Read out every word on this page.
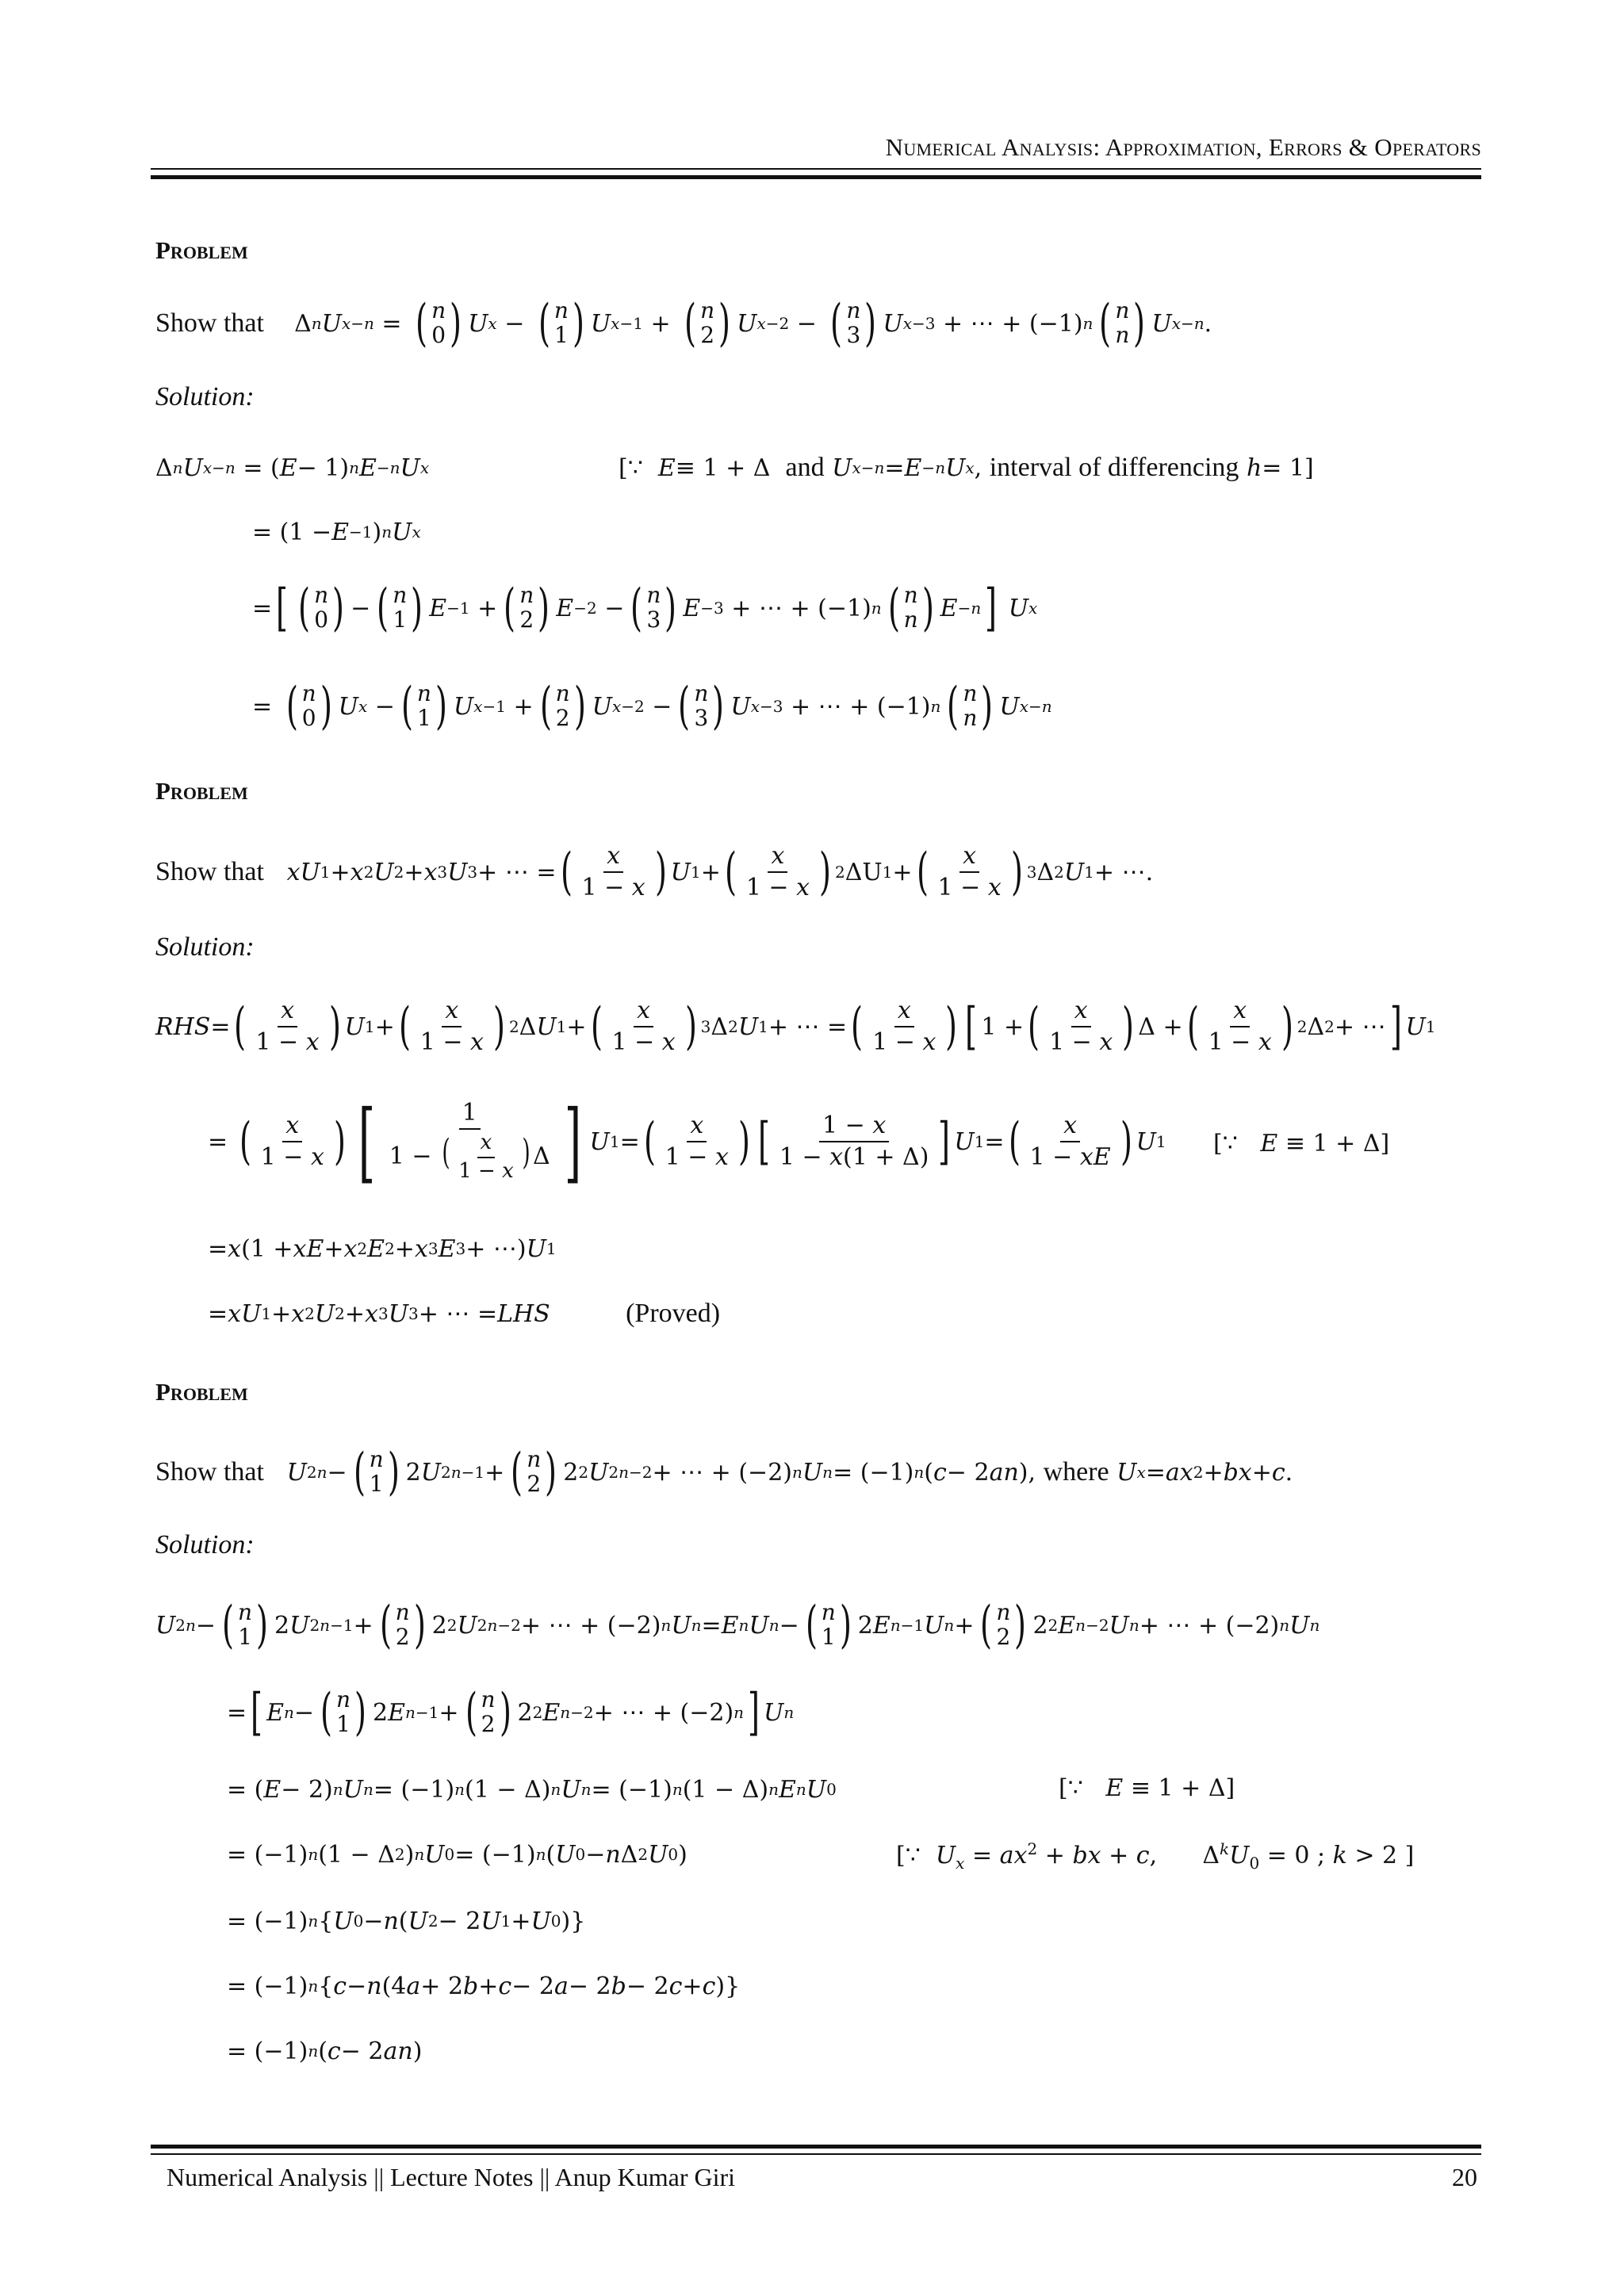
Numerical Analysis: Approximation, Errors & Operators
Problem
Show that Δ n U x−n = ( n
0 ) U x − ( n
1 ) U x−1 + ( n
2 ) U x−2 − ( n
3 ) U x−3 + ⋯ + (−1) n ( n
n ) U x−n .
Solution:
Δ n U x−n = ( E − 1) n E −n U x	[∵ E ≡ 1 + Δ and
U x−n = E −n U x , interval of differencing
h = 1]
= (1 − E −1 ) n U x
= [ ( n
0 ) − ( n
1 ) E −1 + ( n
2 ) E −2 − ( n
3 ) E −3 + ⋯ + (−1) n ( n
n ) E −n ]
U x
= ( n
0 ) U x − ( n
1 ) U x−1 + ( n
2 ) U x−2 − ( n
3 ) U x−3 + ⋯ + (−1) n ( n
n ) U x−n
Problem
Show that
xU 1 + x 2 U 2 + x 3 U 3 + ⋯ = ( $\frac{x}{1 - x}$ ) U 1 + ( $\frac{x}{1 - x}$ ) 2 ΔU 1 + ( $\frac{x}{1 - x}$ ) 3 Δ 2 U 1 + ⋯.
Solution:
RHS = ( $\frac{x}{1 - x}$ ) U 1 + ( $\frac{x}{1 - x}$ ) 2 Δ U 1 + ( $\frac{x}{1 - x}$ ) 3 Δ 2 U 1 + ⋯ = ( $\frac{x}{1 - x}$ ) [ 1 + ( $\frac{x}{1 - x}$ ) Δ + ( $\frac{x}{1 - x}$ ) 2 Δ 2 + ⋯ ] U 1
= ( $\frac{x}{1 - x}$ ) [ $\frac{1}{1 - ( \frac{x}{1 - x} ) \Delta}$ ] U 1 = ( $\frac{x}{1 - x}$ ) [ $\frac{1 - x}{1 - x(1 + \Delta)}$ ] U 1 = ( $\frac{x}{1 - xE}$ ) U 1 [∵   E ≡ 1 + Δ]
= x (1 + xE + x 2 E 2 + x 3 E 3 + ⋯) U 1
= xU 1 + x 2 U 2 + x 3 U 3 + ⋯ = LHS
	(Proved)
Problem
Show that
U 2n − ( n
1 ) 2 U 2n−1 + ( n
2 ) 2 2 U 2n−2 + ⋯ + (−2) n U n = (−1) n ( c − 2 an ), where
U x = ax 2 + bx + c .
Solution:
U 2n − ( n
1 ) 2 U 2n−1 + ( n
2 ) 2 2 U 2n−2 + ⋯ + (−2) n U n = E n U n − ( n
1 ) 2 E n−1 U n + ( n
2 ) 2 2 E n−2 U n + ⋯ + (−2) n U n
= [ E n − ( n
1 ) 2 E n−1 + ( n
2 ) 2 2 E n−2 + ⋯ + (−2) n ] U n
= ( E − 2) n U n = (−1) n (1 − Δ) n U n = (−1) n (1 − Δ) n E n U 0	[∵   E ≡ 1 + Δ]
= (−1) n (1 − Δ 2 ) n U 0 = (−1) n ( U 0 − n Δ 2 U 0 )	[∵  $U_x = ax^2$ + bx + c,      $\Delta^kU_0 = 0$ ; k > 2 ]
= (−1) n { U 0 − n ( U 2 − 2 U 1 + U 0 )}
= (−1) n { c − n (4 a + 2 b + c − 2 a − 2 b − 2 c + c )}
= (−1) n ( c − 2 an )
Numerical Analysis || Lecture Notes || Anup Kumar Giri	20
